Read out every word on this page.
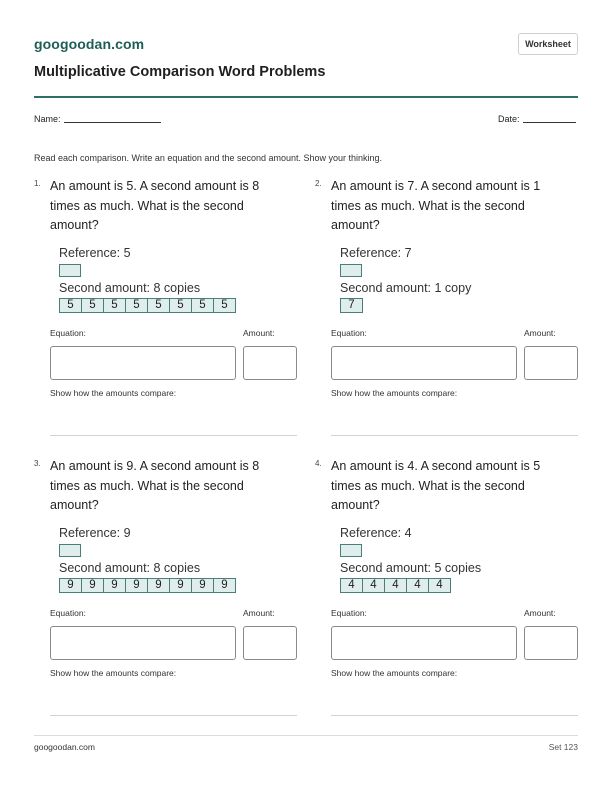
googoodan.com	Worksheet
Multiplicative Comparison Word Problems
Name:	Date:
Read each comparison. Write an equation and the second amount. Show your thinking.
1. An amount is 5. A second amount is 8 times as much. What is the second amount?
Reference: 5
Second amount: 8 copies
5	5	5	5	5	5	5	5
Equation:	Amount:
Show how the amounts compare:
2. An amount is 7. A second amount is 1 times as much. What is the second amount?
Reference: 7
Second amount: 1 copy
7
Equation:	Amount:
Show how the amounts compare:
3. An amount is 9. A second amount is 8 times as much. What is the second amount?
Reference: 9
Second amount: 8 copies
9	9	9	9	9	9	9	9
Equation:	Amount:
Show how the amounts compare:
4. An amount is 4. A second amount is 5 times as much. What is the second amount?
Reference: 4
Second amount: 5 copies
4	4	4	4	4
Equation:	Amount:
Show how the amounts compare:
googoodan.com	Set 123
